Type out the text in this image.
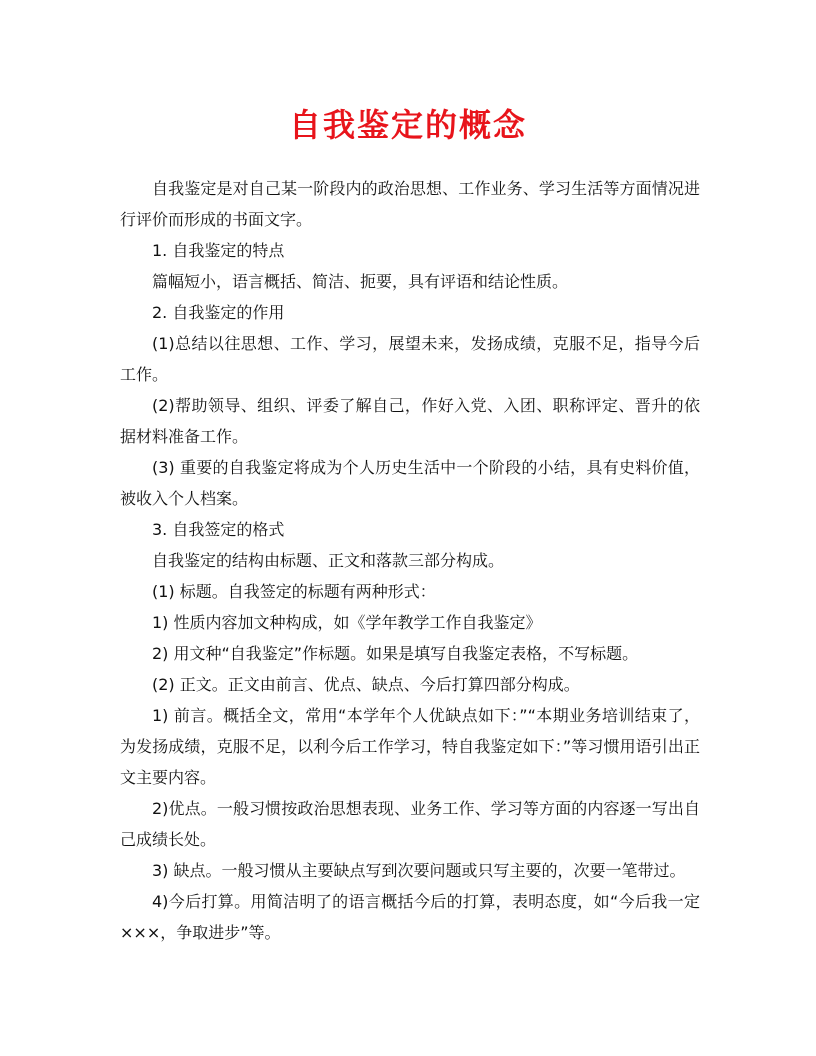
自我鉴定的概念

自我鉴定是对自己某一阶段内的政治思想、工作业务、学习生活等方面情况进行评价而形成的书面文字。

1. 自我鉴定的特点

篇幅短小，语言概括、简洁、扼要，具有评语和结论性质。

2. 自我鉴定的作用

(1)总结以往思想、工作、学习，展望未来，发扬成绩，克服不足，指导今后工作。

(2)帮助领导、组织、评委了解自己，作好入党、入团、职称评定、晋升的依据材料准备工作。

(3) 重要的自我鉴定将成为个人历史生活中一个阶段的小结，具有史料价值，被收入个人档案。

3. 自我签定的格式

自我鉴定的结构由标题、正文和落款三部分构成。

(1) 标题。自我签定的标题有两种形式：

1) 性质内容加文种构成，如《学年教学工作自我鉴定》

2) 用文种“自我鉴定”作标题。如果是填写自我鉴定表格，不写标题。

(2) 正文。正文由前言、优点、缺点、今后打算四部分构成。

1) 前言。概括全文，常用“本学年个人优缺点如下：”“本期业务培训结束了，为发扬成绩，克服不足，以利今后工作学习，特自我鉴定如下：”等习惯用语引出正文主要内容。

2)优点。一般习惯按政治思想表现、业务工作、学习等方面的内容逐一写出自己成绩长处。

3) 缺点。一般习惯从主要缺点写到次要问题或只写主要的，次要一笔带过。

4)今后打算。用简洁明了的语言概括今后的打算，表明态度，如“今后我一定×××，争取进步”等。
